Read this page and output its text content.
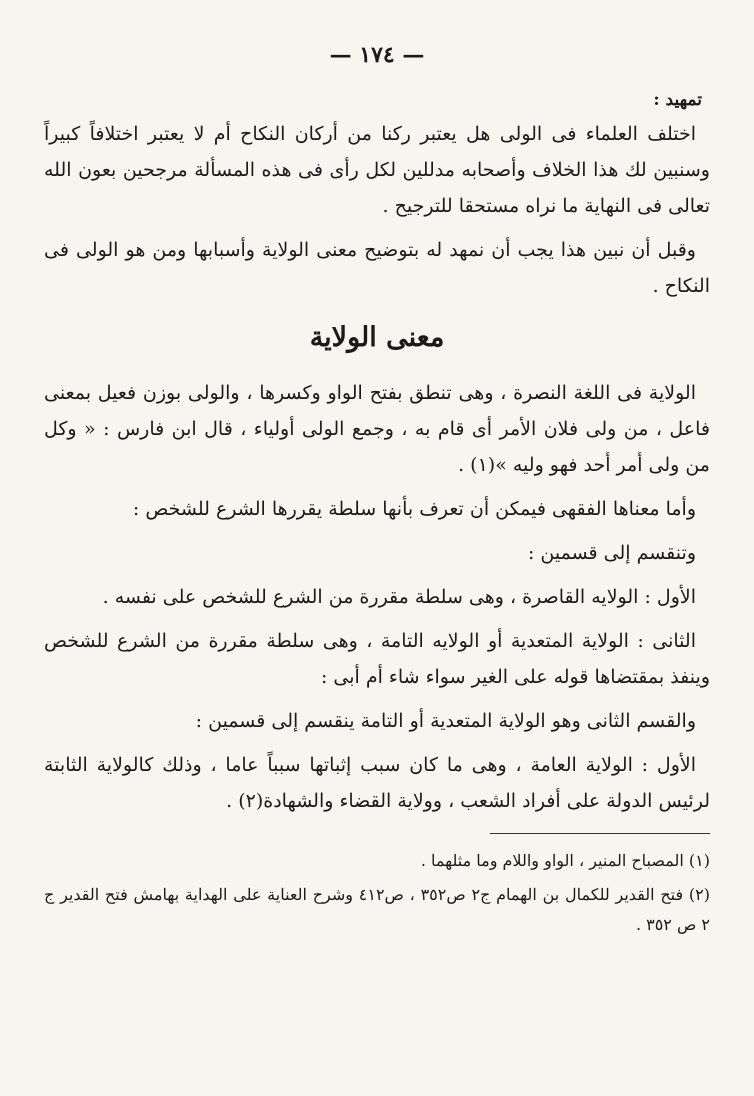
— ١٧٤ —
تمهيد :

اختلف العلماء فى الولى هل يعتبر ركنا من أركان النكاح أم لا يعتبر اختلافاً كبيراً وسنبين لك هذا الخلاف وأصحابه مدللين لكل رأى فى هذه المسألة مرجحين بعون الله تعالى فى النهاية ما نراه مستحقا للترجيح .

وقبل أن نبين هذا يجب أن نمهد له بتوضيح معنى الولاية وأسبابها ومن هو الولى فى النكاح .

معنى الولاية

الولاية فى اللغة النصرة ، وهى تنطق بفتح الواو وكسرها ، والولى بوزن فعيل بمعنى فاعل ، من ولى فلان الأمر أى قام به ، وجمع الولى أولياء ، قال ابن فارس : « وكل من ولى أمر أحد فهو وليه »(١) .

وأما معناها الفقهى فيمكن أن تعرف بأنها سلطة يقررها الشرع للشخص :

وتنقسم إلى قسمين :

الأول : الولايه القاصرة ، وهى سلطة مقررة من الشرع للشخص على نفسه .

الثانى : الولاية المتعدية أو الولايه التامة ، وهى سلطة مقررة من الشرع للشخص وينفذ بمقتضاها قوله على الغير سواء شاء أم أبى :

والقسم الثانى وهو الولاية المتعدية أو التامة ينقسم إلى قسمين :

الأول : الولاية العامة ، وهى ما كان سبب إثباتها سبباً عاما ، وذلك كالولاية الثابتة لرئيس الدولة على أفراد الشعب ، وولاية القضاء والشهادة(٢) .

(١) المصباح المنير ، الواو واللام وما مثلهما .

(٢) فتح القدير للكمال بن الهمام ج٢ ص٣٥٢ ، ص٤١٢ وشرح العناية على الهداية بهامش فتح القدير ج ٢ ص ٣٥٢ .
